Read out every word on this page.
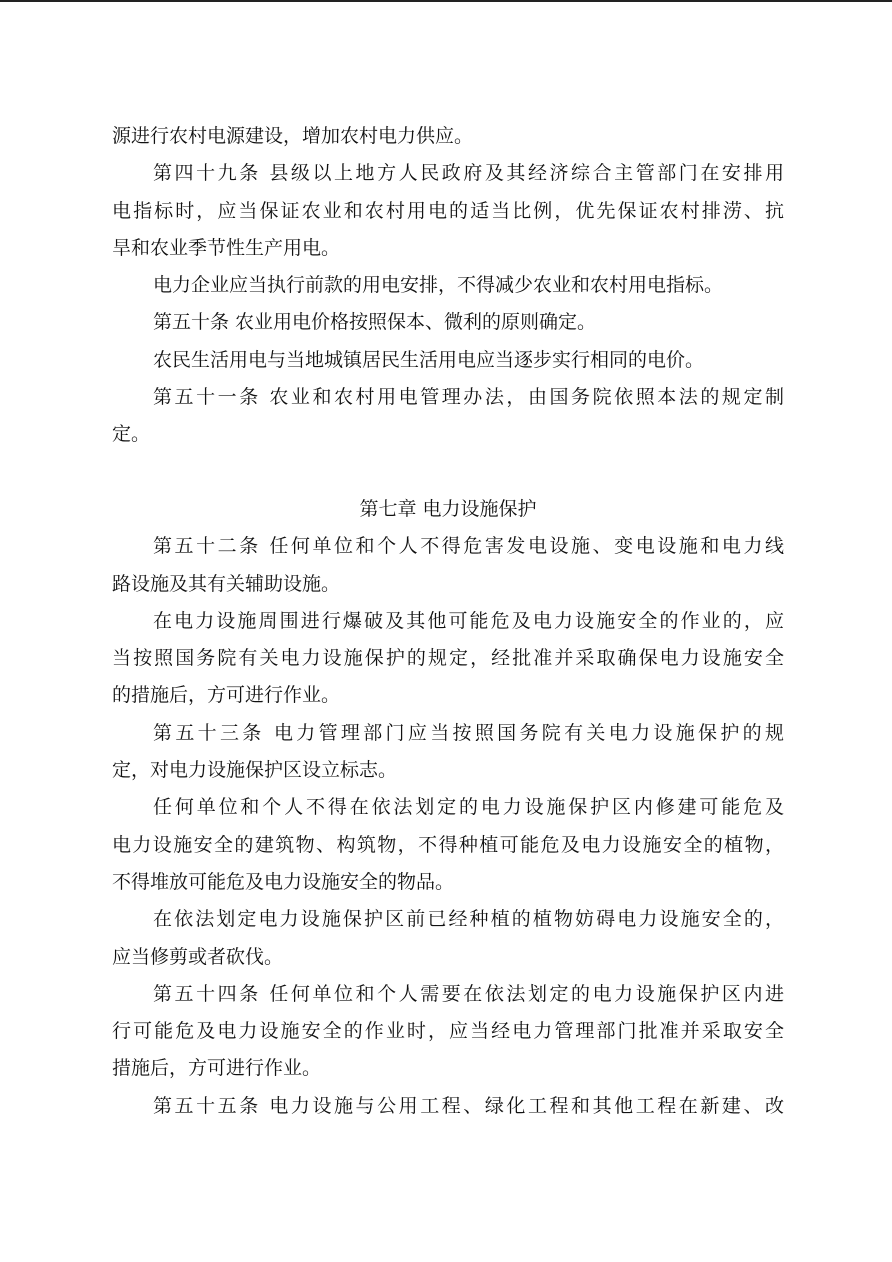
源进行农村电源建设，增加农村电力供应。
第四十九条 县级以上地方人民政府及其经济综合主管部门在安排用
电指标时，应当保证农业和农村用电的适当比例，优先保证农村排涝、抗
旱和农业季节性生产用电。
电力企业应当执行前款的用电安排，不得减少农业和农村用电指标。
第五十条 农业用电价格按照保本、微利的原则确定。
农民生活用电与当地城镇居民生活用电应当逐步实行相同的电价。
第五十一条 农业和农村用电管理办法，由国务院依照本法的规定制
定。
第七章 电力设施保护
第五十二条 任何单位和个人不得危害发电设施、变电设施和电力线
路设施及其有关辅助设施。
在电力设施周围进行爆破及其他可能危及电力设施安全的作业的，应
当按照国务院有关电力设施保护的规定，经批准并采取确保电力设施安全
的措施后，方可进行作业。
第五十三条 电力管理部门应当按照国务院有关电力设施保护的规
定，对电力设施保护区设立标志。
任何单位和个人不得在依法划定的电力设施保护区内修建可能危及
电力设施安全的建筑物、构筑物，不得种植可能危及电力设施安全的植物，
不得堆放可能危及电力设施安全的物品。
在依法划定电力设施保护区前已经种植的植物妨碍电力设施安全的，
应当修剪或者砍伐。
第五十四条 任何单位和个人需要在依法划定的电力设施保护区内进
行可能危及电力设施安全的作业时，应当经电力管理部门批准并采取安全
措施后，方可进行作业。
第五十五条 电力设施与公用工程、绿化工程和其他工程在新建、改
